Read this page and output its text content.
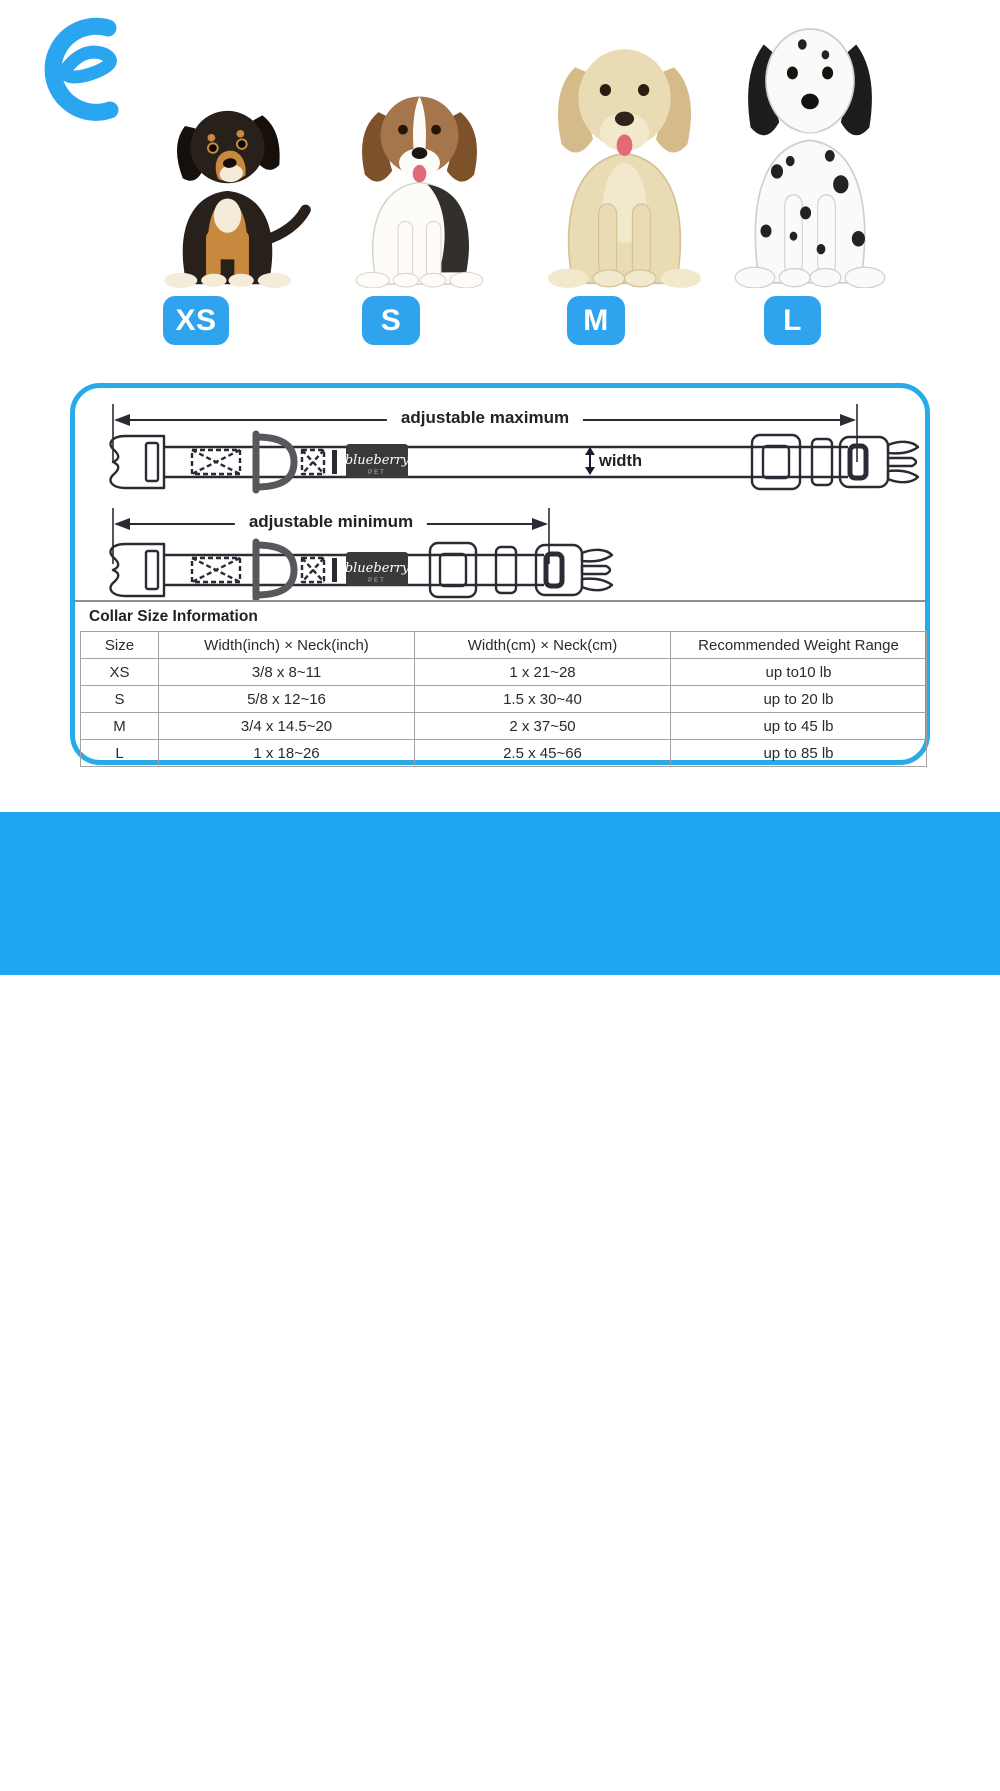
XS	S	M	L
adjustable maximum
blueberry
PET
width
adjustable minimum
blueberry
PET
Collar Size Information
Size	Width(inch) × Neck(inch)	Width(cm) × Neck(cm)	Recommended Weight Range
XS	3/8 x 8~11	1 x 21~28	up to10 lb
S	5/8 x 12~16	1.5 x 30~40	up to 20 lb
M	3/4 x 14.5~20	2 x 37~50	up to 45 lb
L	1 x 18~26	2.5 x 45~66	up to 85 lb
Tips: Measure the circumference of pet's neck. It should be snug enough to fit 2 fingers between dog's neck and their collar.
